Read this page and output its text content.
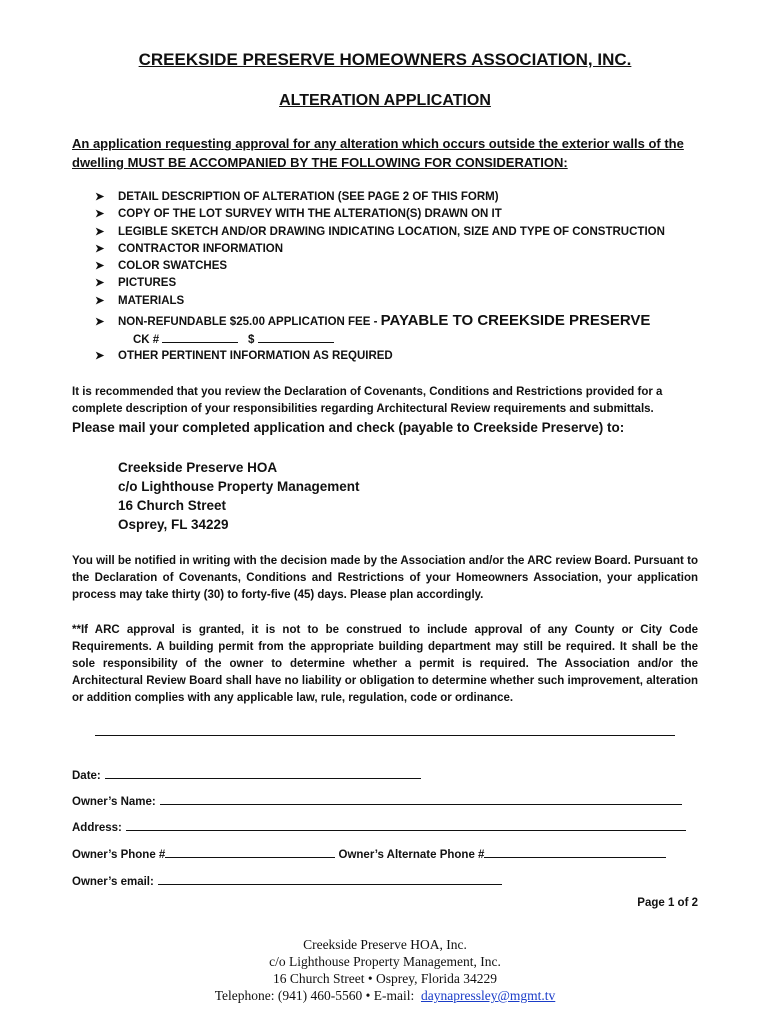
CREEKSIDE PRESERVE HOMEOWNERS ASSOCIATION, INC.
ALTERATION APPLICATION
An application requesting approval for any alteration which occurs outside the exterior walls of the dwelling MUST BE ACCOMPANIED BY THE FOLLOWING FOR CONSIDERATION:
➤ DETAIL DESCRIPTION OF ALTERATION (SEE PAGE 2 OF THIS FORM)
➤ COPY OF THE LOT SURVEY WITH THE ALTERATION(S) DRAWN ON IT
➤ LEGIBLE SKETCH AND/OR DRAWING INDICATING LOCATION, SIZE AND TYPE OF CONSTRUCTION
➤ CONTRACTOR INFORMATION
➤ COLOR SWATCHES
➤ PICTURES
➤ MATERIALS
➤ NON-REFUNDABLE $25.00 APPLICATION FEE - PAYABLE TO CREEKSIDE PRESERVE
CK #	$
➤ OTHER PERTINENT INFORMATION AS REQUIRED
It is recommended that you review the Declaration of Covenants, Conditions and Restrictions provided for a complete description of your responsibilities regarding Architectural Review requirements and submittals.
Please mail your completed application and check (payable to Creekside Preserve) to:
Creekside Preserve HOA
c/o Lighthouse Property Management
16 Church Street
Osprey, FL 34229
You will be notified in writing with the decision made by the Association and/or the ARC review Board. Pursuant to the Declaration of Covenants, Conditions and Restrictions of your Homeowners Association, your application process may take thirty (30) to forty-five (45) days. Please plan accordingly.
**If ARC approval is granted, it is not to be construed to include approval of any County or City Code Requirements. A building permit from the appropriate building department may still be required. It shall be the sole responsibility of the owner to determine whether a permit is required. The Association and/or the Architectural Review Board shall have no liability or obligation to determine whether such improvement, alteration or addition complies with any applicable law, rule, regulation, code or ordinance.
Date:
Owner’s Name:
Address:
Owner’s Phone #	Owner’s Alternate Phone #
Owner’s email:
Page 1 of 2
Creekside Preserve HOA, Inc.
c/o Lighthouse Property Management, Inc.
16 Church Street • Osprey, Florida 34229
Telephone: (941) 460-5560 • E-mail: daynapressley@mgmt.tv
